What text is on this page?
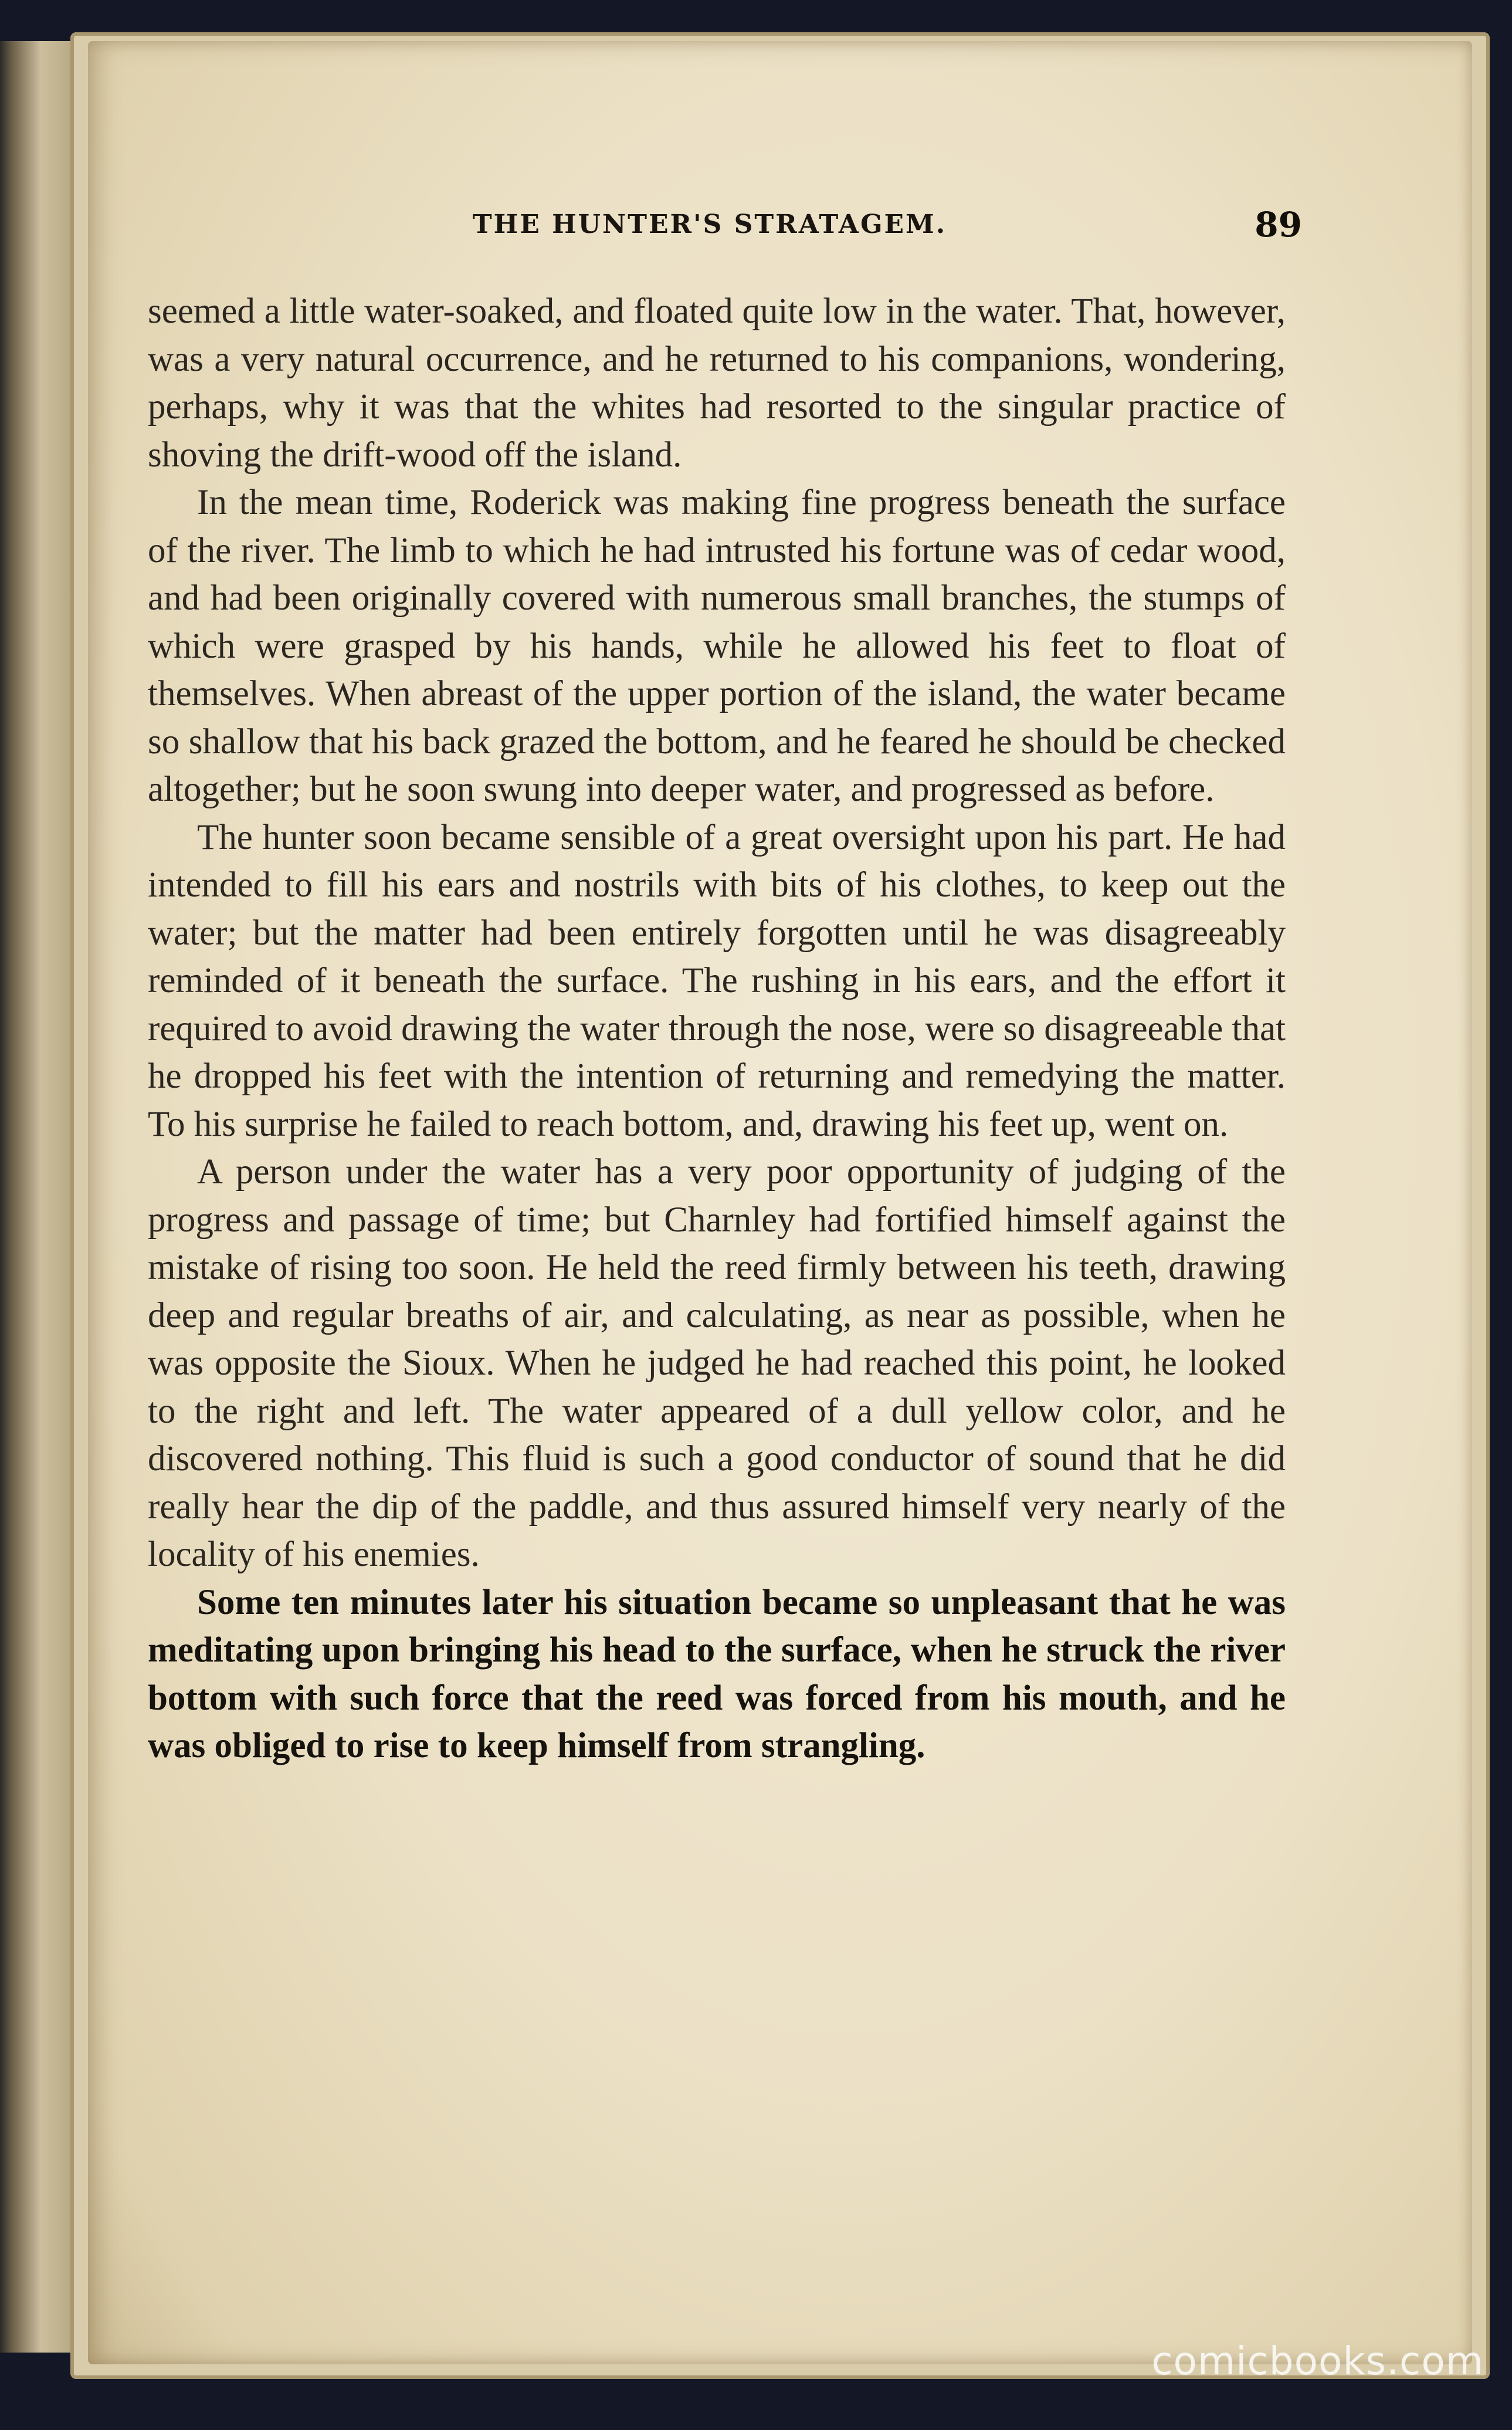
THE HUNTER'S STRATAGEM.	89

seemed a little water-soaked, and floated quite low in the water. That, however, was a very natural occurrence, and he returned to his companions, wondering, perhaps, why it was that the whites had resorted to the singular practice of shoving the drift-wood off the island.

In the mean time, Roderick was making fine progress beneath the surface of the river. The limb to which he had intrusted his fortune was of cedar wood, and had been originally covered with numerous small branches, the stumps of which were grasped by his hands, while he allowed his feet to float of themselves. When abreast of the upper portion of the island, the water became so shallow that his back grazed the bottom, and he feared he should be checked altogether; but he soon swung into deeper water, and progressed as before.

The hunter soon became sensible of a great oversight upon his part. He had intended to fill his ears and nostrils with bits of his clothes, to keep out the water; but the matter had been entirely forgotten until he was disagreeably reminded of it beneath the surface. The rushing in his ears, and the effort it required to avoid drawing the water through the nose, were so disagreeable that he dropped his feet with the intention of returning and remedying the matter. To his surprise he failed to reach bottom, and, drawing his feet up, went on.

A person under the water has a very poor opportunity of judging of the progress and passage of time; but Charnley had fortified himself against the mistake of rising too soon. He held the reed firmly between his teeth, drawing deep and regular breaths of air, and calculating, as near as possible, when he was opposite the Sioux. When he judged he had reached this point, he looked to the right and left. The water appeared of a dull yellow color, and he discovered nothing. This fluid is such a good conductor of sound that he did really hear the dip of the paddle, and thus assured himself very nearly of the locality of his enemies.

Some ten minutes later his situation became so unpleasant that he was meditating upon bringing his head to the surface, when he struck the river bottom with such force that the reed was forced from his mouth, and he was obliged to rise to keep himself from strangling.

comicbooks.com
